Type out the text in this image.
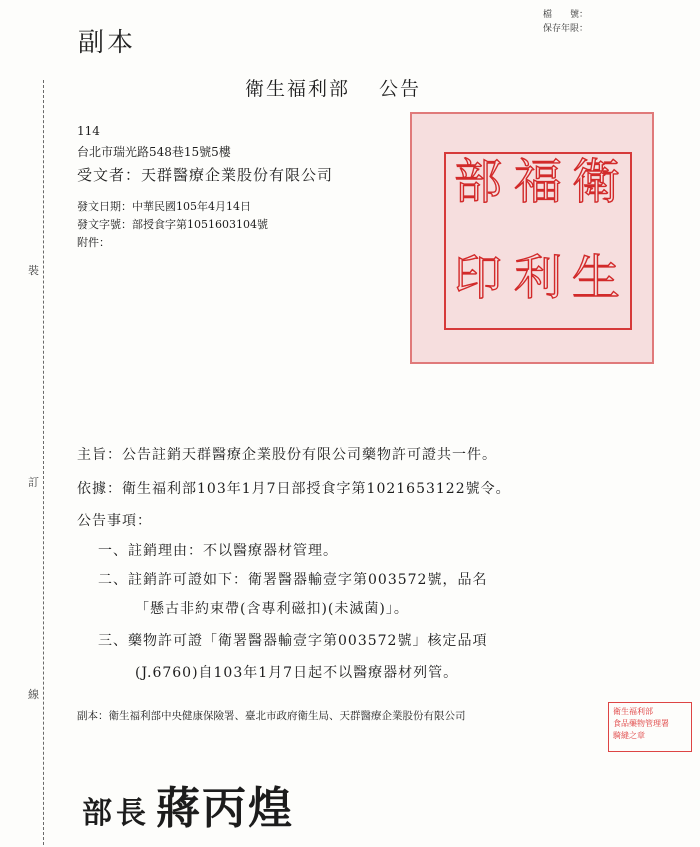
副本
檔　　號：
保存年限：
裝
訂
線
衛生福利部　 公告
114
台北市瑞光路548巷15號5樓
受文者：天群醫療企業股份有限公司
發文日期：中華民國105年4月14日
發文字號：部授食字第1051603104號
附件：
衛
生
福
利
部
印
主旨：公告註銷天群醫療企業股份有限公司藥物許可證共一件。
依據：衛生福利部103年1月7日部授食字第1021653122號令。
公告事項：
一、註銷理由：不以醫療器材管理。
二、註銷許可證如下：衛署醫器輸壹字第003572號，品名
「懸古非約束帶(含專利磁扣)(未滅菌)」。
三、藥物許可證「衛署醫器輸壹字第003572號」核定品項
(J.6760)自103年1月7日起不以醫療器材列管。
副本：衛生福利部中央健康保險署、臺北市政府衛生局、天群醫療企業股份有限公司	衛生福利部
食品藥物管理署
騎縫之章
部長 蔣丙煌
